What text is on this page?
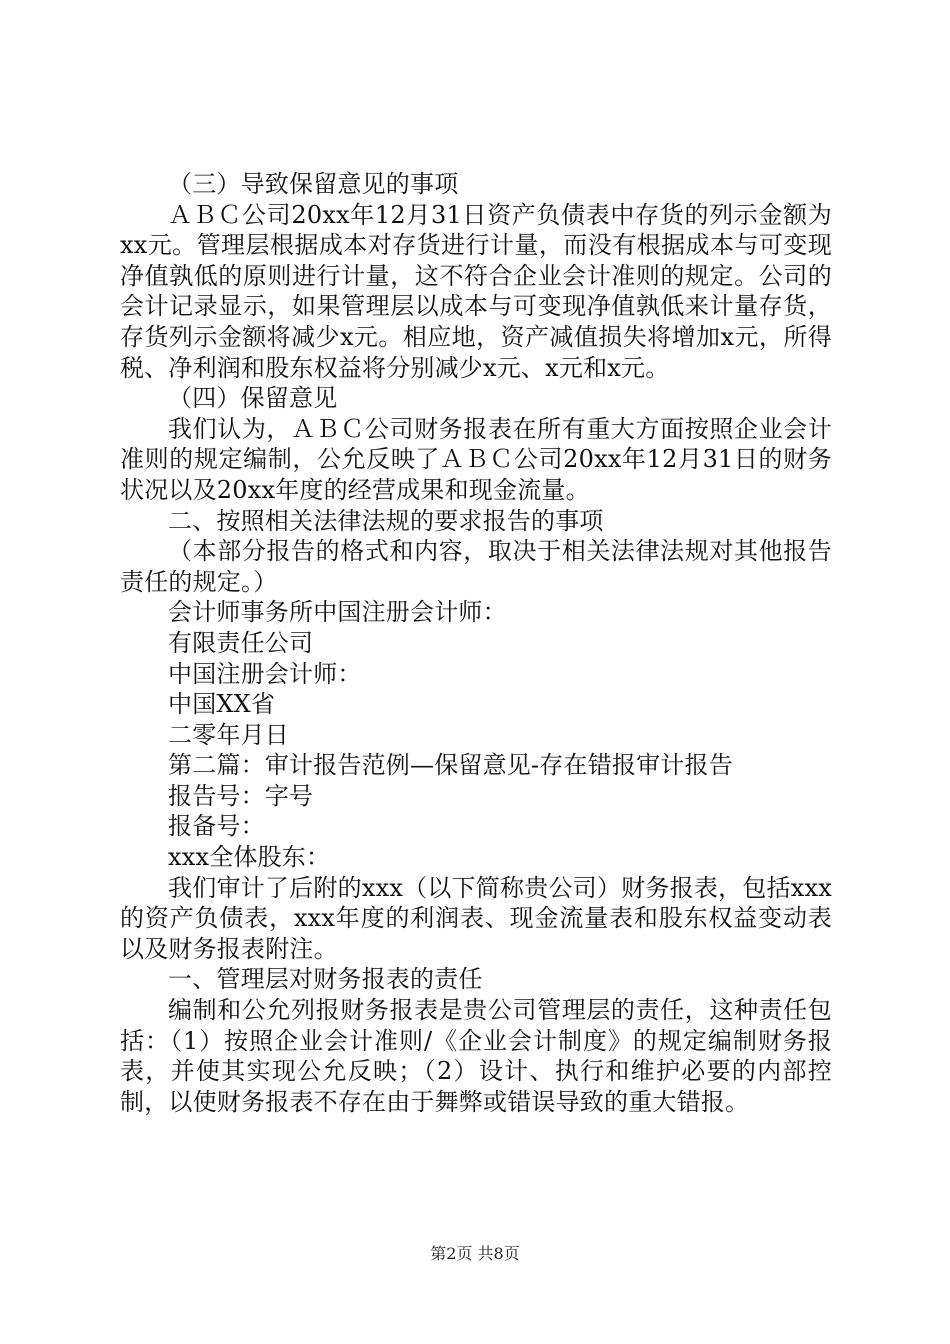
（三）导致保留意见的事项

ＡＢＣ公司20xx年12月31日资产负债表中存货的列示金额为xx元。管理层根据成本对存货进行计量，而没有根据成本与可变现净值孰低的原则进行计量，这不符合企业会计准则的规定。公司的会计记录显示，如果管理层以成本与可变现净值孰低来计量存货，存货列示金额将减少x元。相应地，资产减值损失将增加x元，所得税、净利润和股东权益将分别减少x元、x元和x元。

（四）保留意见

我们认为，ＡＢＣ公司财务报表在所有重大方面按照企业会计准则的规定编制，公允反映了ＡＢＣ公司20xx年12月31日的财务状况以及20xx年度的经营成果和现金流量。

二、按照相关法律法规的要求报告的事项

（本部分报告的格式和内容，取决于相关法律法规对其他报告责任的规定。）

会计师事务所中国注册会计师：

有限责任公司

中国注册会计师：

中国XX省

二零年月日

第二篇：审计报告范例—保留意见-存在错报审计报告

报告号：字号

报备号：

xxx全体股东：

我们审计了后附的xxx（以下简称贵公司）财务报表，包括xxx的资产负债表，xxx年度的利润表、现金流量表和股东权益变动表以及财务报表附注。

一、管理层对财务报表的责任

编制和公允列报财务报表是贵公司管理层的责任，这种责任包括：（1）按照企业会计准则/《企业会计制度》的规定编制财务报表，并使其实现公允反映；（2）设计、执行和维护必要的内部控制，以使财务报表不存在由于舞弊或错误导致的重大错报。

第2页 共8页
